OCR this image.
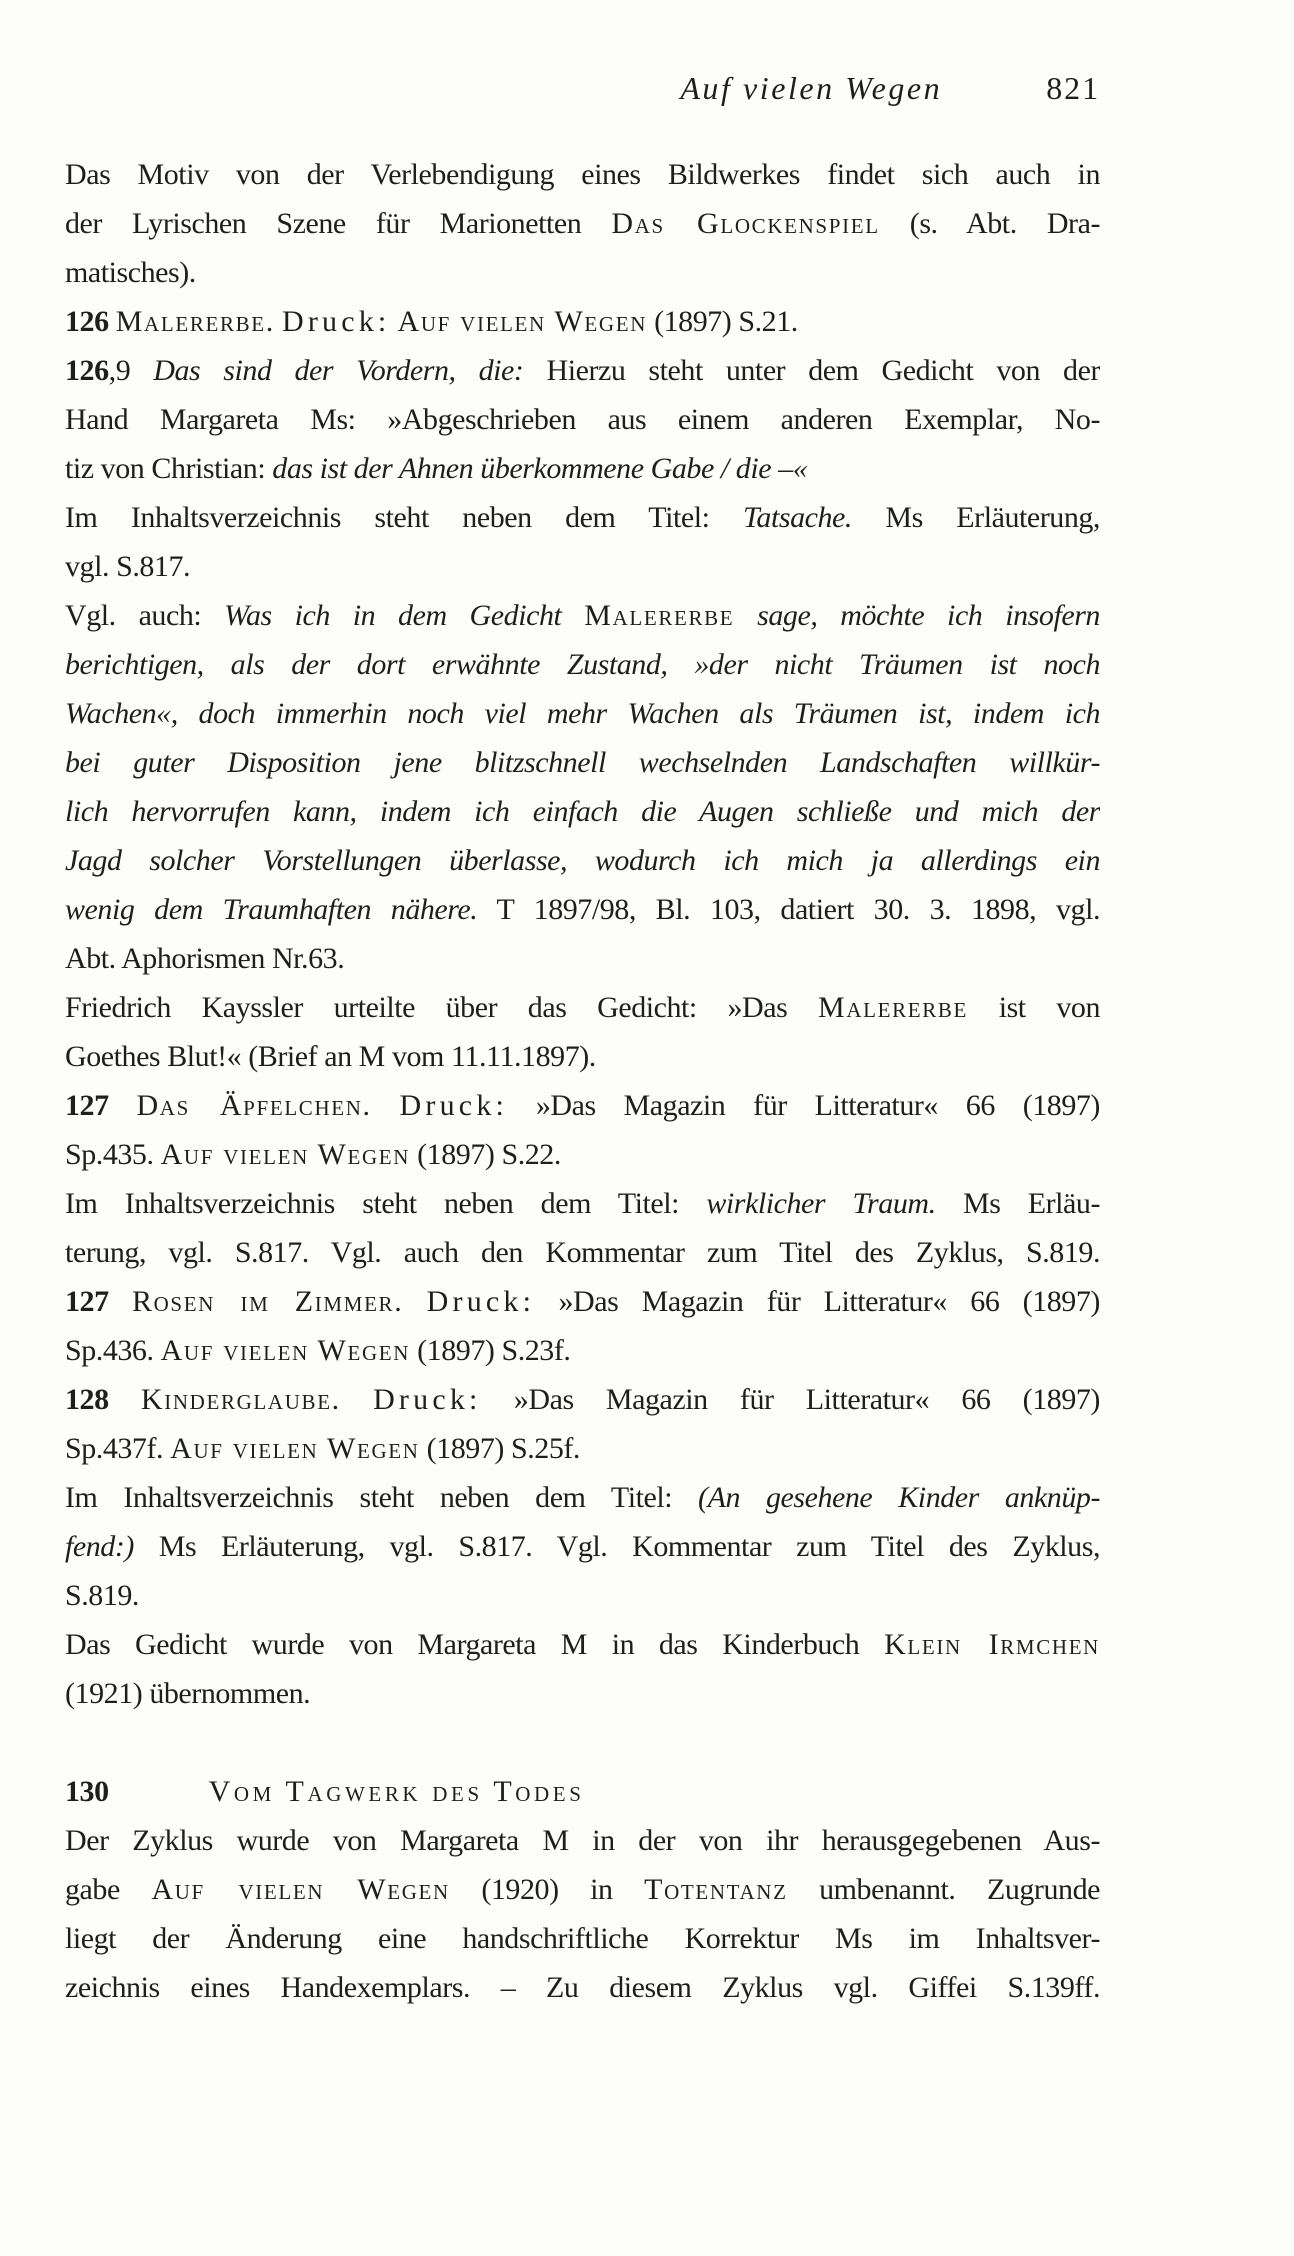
Auf vielen Wegen	821
Das Motiv von der Verlebendigung eines Bildwerkes findet sich auch in
der Lyrischen Szene für Marionetten Das Glockenspiel (s. Abt. Dra-
matisches).
126 Malererbe. Druck: Auf vielen Wegen (1897) S.21.
126,9 Das sind der Vordern, die: Hierzu steht unter dem Gedicht von der
Hand Margareta Ms: »Abgeschrieben aus einem anderen Exemplar, No-
tiz von Christian: das ist der Ahnen überkommene Gabe / die –«
Im Inhaltsverzeichnis steht neben dem Titel: Tatsache. Ms Erläuterung,
vgl. S.817.
Vgl. auch: Was ich in dem Gedicht Malererbe sage, möchte ich insofern
berichtigen, als der dort erwähnte Zustand, »der nicht Träumen ist noch
Wachen«, doch immerhin noch viel mehr Wachen als Träumen ist, indem ich
bei guter Disposition jene blitzschnell wechselnden Landschaften willkür-
lich hervorrufen kann, indem ich einfach die Augen schließe und mich der
Jagd solcher Vorstellungen überlasse, wodurch ich mich ja allerdings ein
wenig dem Traumhaften nähere. T 1897/98, Bl. 103, datiert 30. 3. 1898, vgl.
Abt. Aphorismen Nr.63.
Friedrich Kayssler urteilte über das Gedicht: »Das Malererbe ist von
Goethes Blut!« (Brief an M vom 11.11.1897).
127 Das Äpfelchen. Druck: »Das Magazin für Litteratur« 66 (1897)
Sp.435. Auf vielen Wegen (1897) S.22.
Im Inhaltsverzeichnis steht neben dem Titel: wirklicher Traum. Ms Erläu-
terung, vgl. S.817. Vgl. auch den Kommentar zum Titel des Zyklus, S.819.
127 Rosen im Zimmer. Druck: »Das Magazin für Litteratur« 66 (1897)
Sp.436. Auf vielen Wegen (1897) S.23f.
128 Kinderglaube. Druck: »Das Magazin für Litteratur« 66 (1897)
Sp.437f. Auf vielen Wegen (1897) S.25f.
Im Inhaltsverzeichnis steht neben dem Titel: (An gesehene Kinder anknüp-
fend:) Ms Erläuterung, vgl. S.817. Vgl. Kommentar zum Titel des Zyklus,
S.819.
Das Gedicht wurde von Margareta M in das Kinderbuch Klein Irmchen
(1921) übernommen.
130	Vom Tagwerk des Todes
Der Zyklus wurde von Margareta M in der von ihr herausgegebenen Aus-
gabe Auf vielen Wegen (1920) in Totentanz umbenannt. Zugrunde
liegt der Änderung eine handschriftliche Korrektur Ms im Inhaltsver-
zeichnis eines Handexemplars. – Zu diesem Zyklus vgl. Giffei S.139ff.
